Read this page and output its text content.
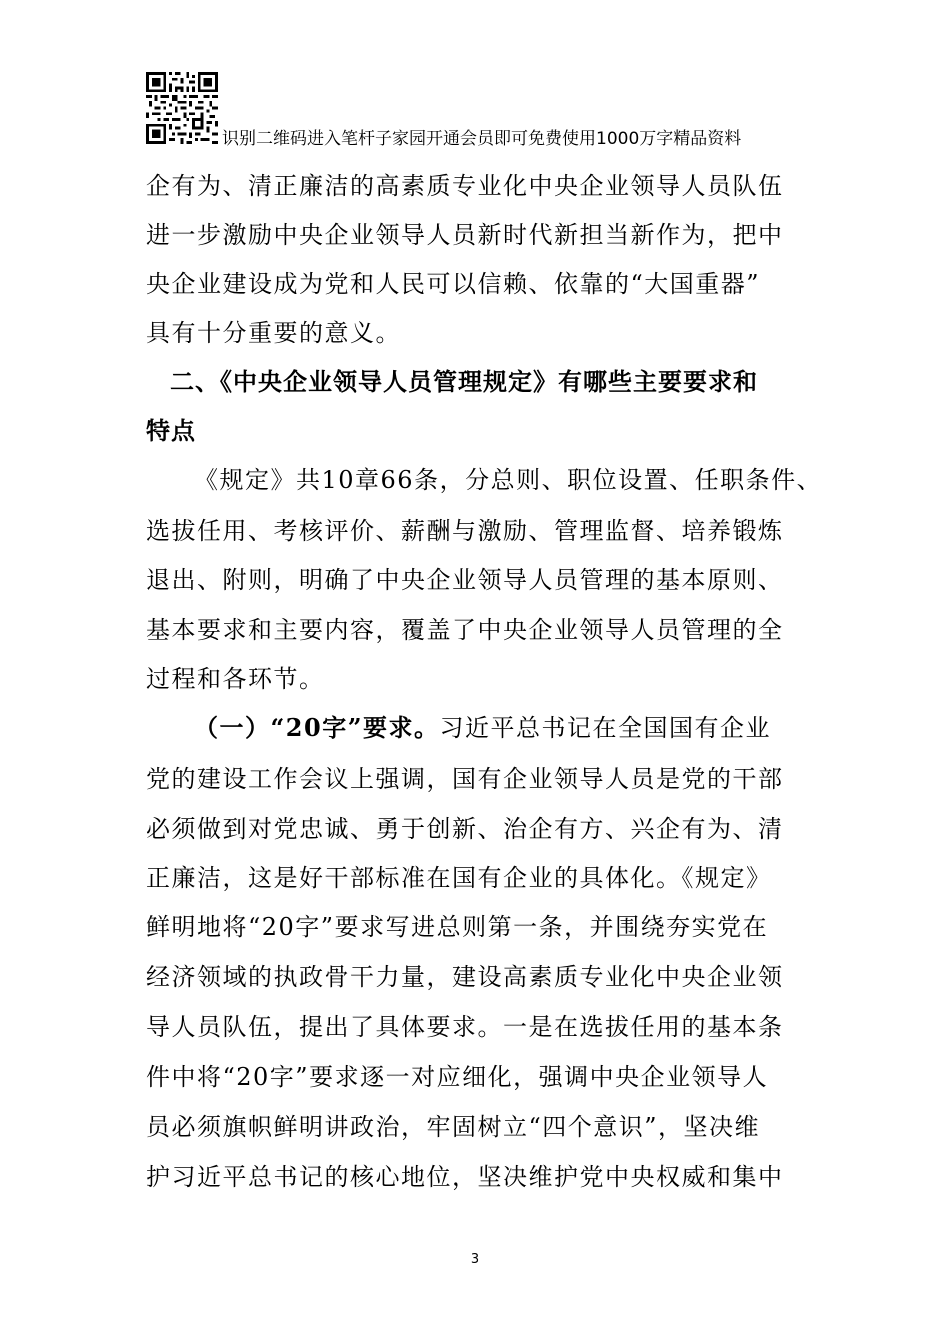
识别二维码进入笔杆子家园开通会员即可免费使用1000万字精品资料
企有为、清正廉洁的高素质专业化中央企业领导人员队伍
进一步激励中央企业领导人员新时代新担当新作为，把中
央企业建设成为党和人民可以信赖、依靠的“大国重器”
具有十分重要的意义。
二、《中央企业领导人员管理规定》有哪些主要要求和
特点
《规定》共10章66条，分总则、职位设置、任职条件、
选拔任用、考核评价、薪酬与激励、管理监督、培养锻炼
退出、附则，明确了中央企业领导人员管理的基本原则、
基本要求和主要内容，覆盖了中央企业领导人员管理的全
过程和各环节。
（一）“20字”要求。习近平总书记在全国国有企业
党的建设工作会议上强调，国有企业领导人员是党的干部
必须做到对党忠诚、勇于创新、治企有方、兴企有为、清
正廉洁，这是好干部标准在国有企业的具体化。《规定》
鲜明地将“20字”要求写进总则第一条，并围绕夯实党在
经济领域的执政骨干力量，建设高素质专业化中央企业领
导人员队伍，提出了具体要求。一是在选拔任用的基本条
件中将“20字”要求逐一对应细化，强调中央企业领导人
员必须旗帜鲜明讲政治，牢固树立“四个意识”，坚决维
护习近平总书记的核心地位，坚决维护党中央权威和集中
3
